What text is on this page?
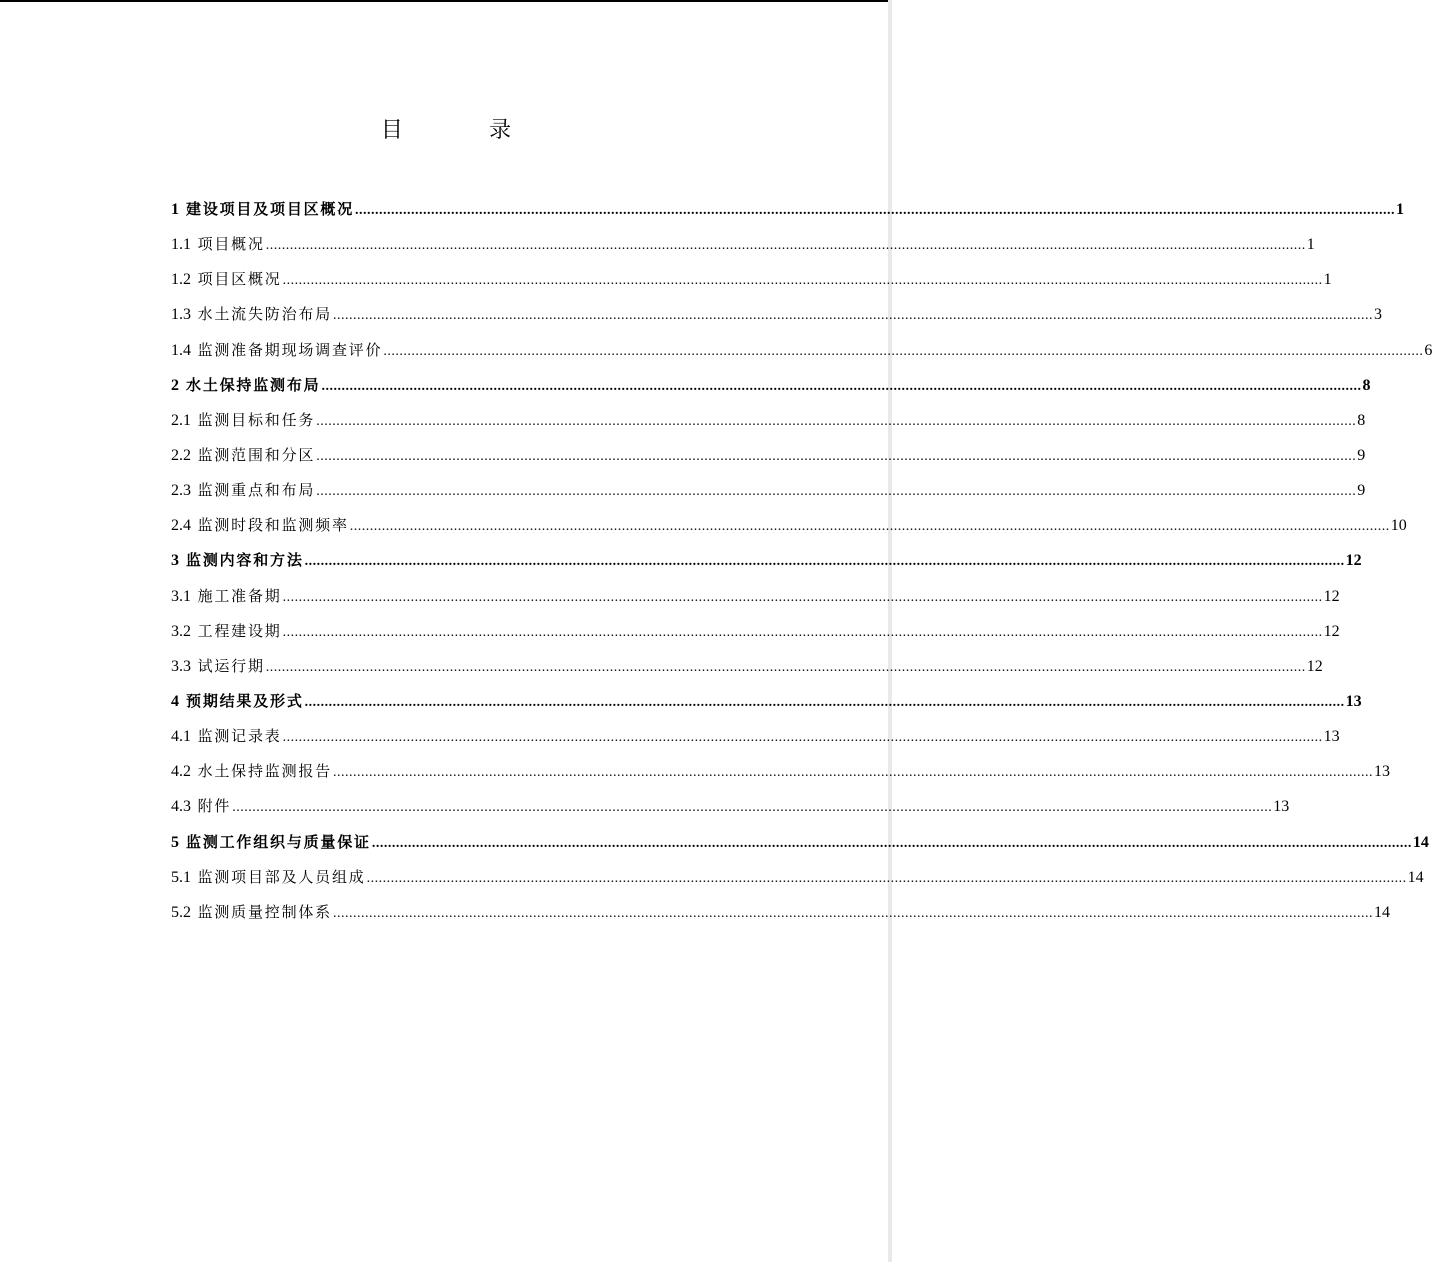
目 录
1 建设项目及项目区概况 .................................................................................................................................................................................................................................................................... 1
1.1 项目概况 .................................................................................................................................................................................................................................................................... 1
1.2 项目区概况 .................................................................................................................................................................................................................................................................... 1
1.3 水土流失防治布局 .................................................................................................................................................................................................................................................................... 3
1.4 监测准备期现场调查评价 .................................................................................................................................................................................................................................................................... 6
2 水土保持监测布局 .................................................................................................................................................................................................................................................................... 8
2.1 监测目标和任务 .................................................................................................................................................................................................................................................................... 8
2.2 监测范围和分区 .................................................................................................................................................................................................................................................................... 9
2.3 监测重点和布局 .................................................................................................................................................................................................................................................................... 9
2.4 监测时段和监测频率 .................................................................................................................................................................................................................................................................... 10
3 监测内容和方法 .................................................................................................................................................................................................................................................................... 12
3.1 施工准备期 .................................................................................................................................................................................................................................................................... 12
3.2 工程建设期 .................................................................................................................................................................................................................................................................... 12
3.3 试运行期 .................................................................................................................................................................................................................................................................... 12
4 预期结果及形式 .................................................................................................................................................................................................................................................................... 13
4.1 监测记录表 .................................................................................................................................................................................................................................................................... 13
4.2 水土保持监测报告 .................................................................................................................................................................................................................................................................... 13
4.3 附件 .................................................................................................................................................................................................................................................................... 13
5 监测工作组织与质量保证 .................................................................................................................................................................................................................................................................... 14
5.1 监测项目部及人员组成 .................................................................................................................................................................................................................................................................... 14
5.2 监测质量控制体系 .................................................................................................................................................................................................................................................................... 14
